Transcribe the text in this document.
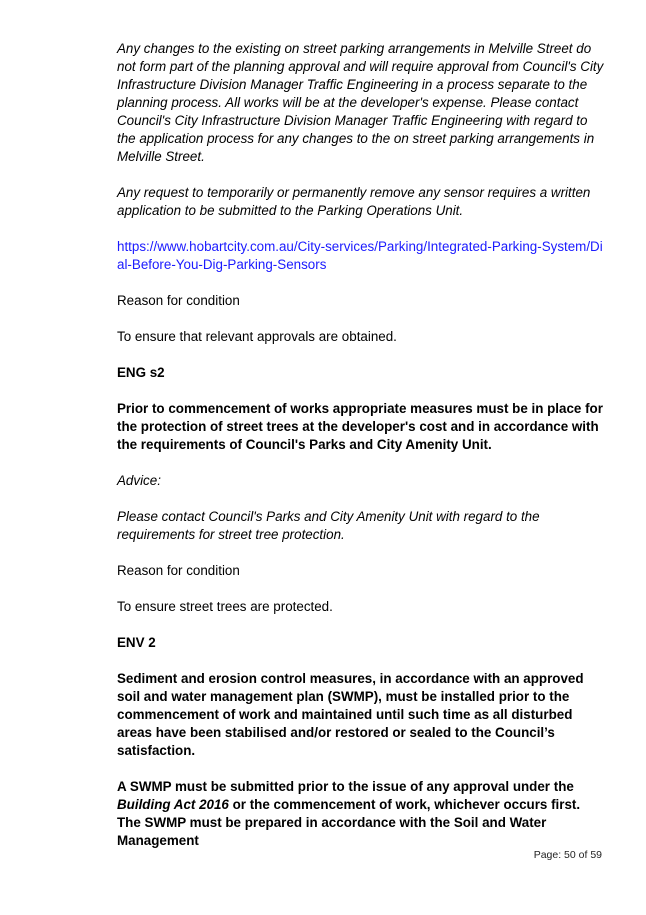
Any changes to the existing on street parking arrangements in Melville Street do not form part of the planning approval and will require approval from Council's City Infrastructure Division Manager Traffic Engineering in a process separate to the planning process. All works will be at the developer's expense. Please contact Council's City Infrastructure Division Manager Traffic Engineering with regard to the application process for any changes to the on street parking arrangements in Melville Street.

Any request to temporarily or permanently remove any sensor requires a written application to be submitted to the Parking Operations Unit.

https://www.hobartcity.com.au/City-services/Parking/Integrated-Parking-System/Dial-Before-You-Dig-Parking-Sensors

Reason for condition

To ensure that relevant approvals are obtained.

ENG s2

Prior to commencement of works appropriate measures must be in place for the protection of street trees at the developer's cost and in accordance with the requirements of Council's Parks and City Amenity Unit.

Advice:

Please contact Council's Parks and City Amenity Unit with regard to the requirements for street tree protection.

Reason for condition

To ensure street trees are protected.

ENV 2

Sediment and erosion control measures, in accordance with an approved soil and water management plan (SWMP), must be installed prior to the commencement of work and maintained until such time as all disturbed areas have been stabilised and/or restored or sealed to the Council’s satisfaction.

A SWMP must be submitted prior to the issue of any approval under the Building Act 2016 or the commencement of work, whichever occurs first. The SWMP must be prepared in accordance with the Soil and Water Management

Page: 50 of 59
